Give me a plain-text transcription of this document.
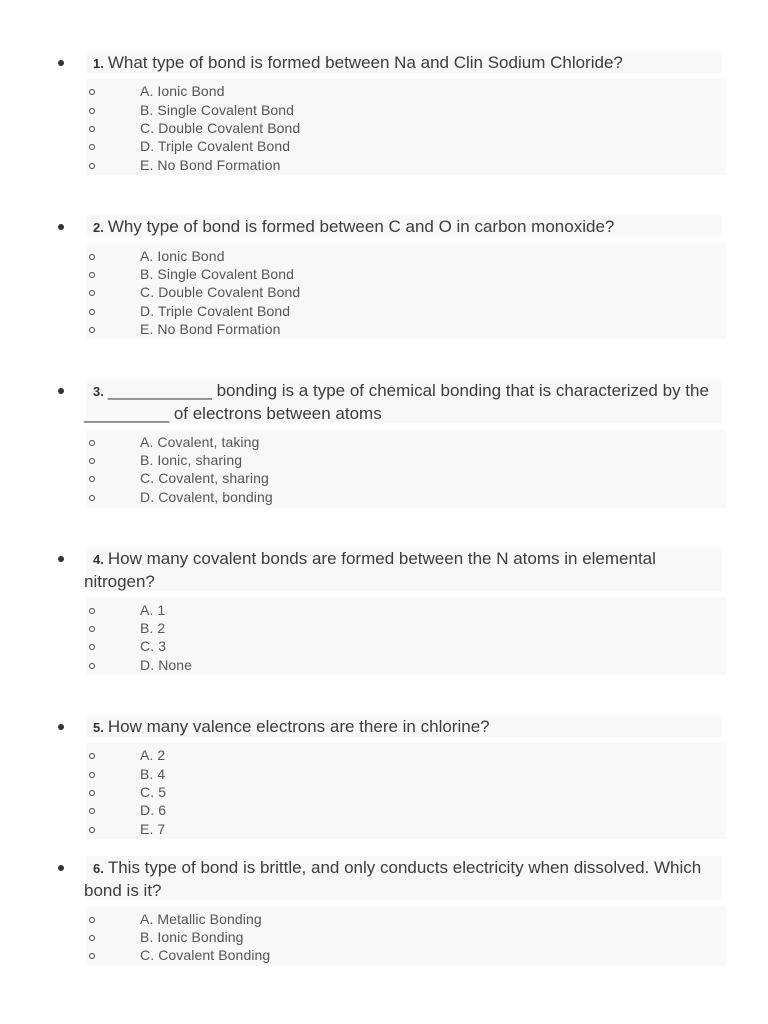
1. What type of bond is formed between Na and Clin Sodium Chloride?
A. Ionic Bond
B. Single Covalent Bond
C. Double Covalent Bond
D. Triple Covalent Bond
E. No Bond Formation
2. Why type of bond is formed between C and O in carbon monoxide?
A. Ionic Bond
B. Single Covalent Bond
C. Double Covalent Bond
D. Triple Covalent Bond
E. No Bond Formation
3. ___________ bonding is a type of chemical bonding that is characterized by the _________ of electrons between atoms
A. Covalent, taking
B. Ionic, sharing
C. Covalent, sharing
D. Covalent, bonding
4. How many covalent bonds are formed between the N atoms in elemental nitrogen?
A. 1
B. 2
C. 3
D. None
5. How many valence electrons are there in chlorine?
A. 2
B. 4
C. 5
D. 6
E. 7
6. This type of bond is brittle, and only conducts electricity when dissolved. Which bond is it?
A. Metallic Bonding
B. Ionic Bonding
C. Covalent Bonding
